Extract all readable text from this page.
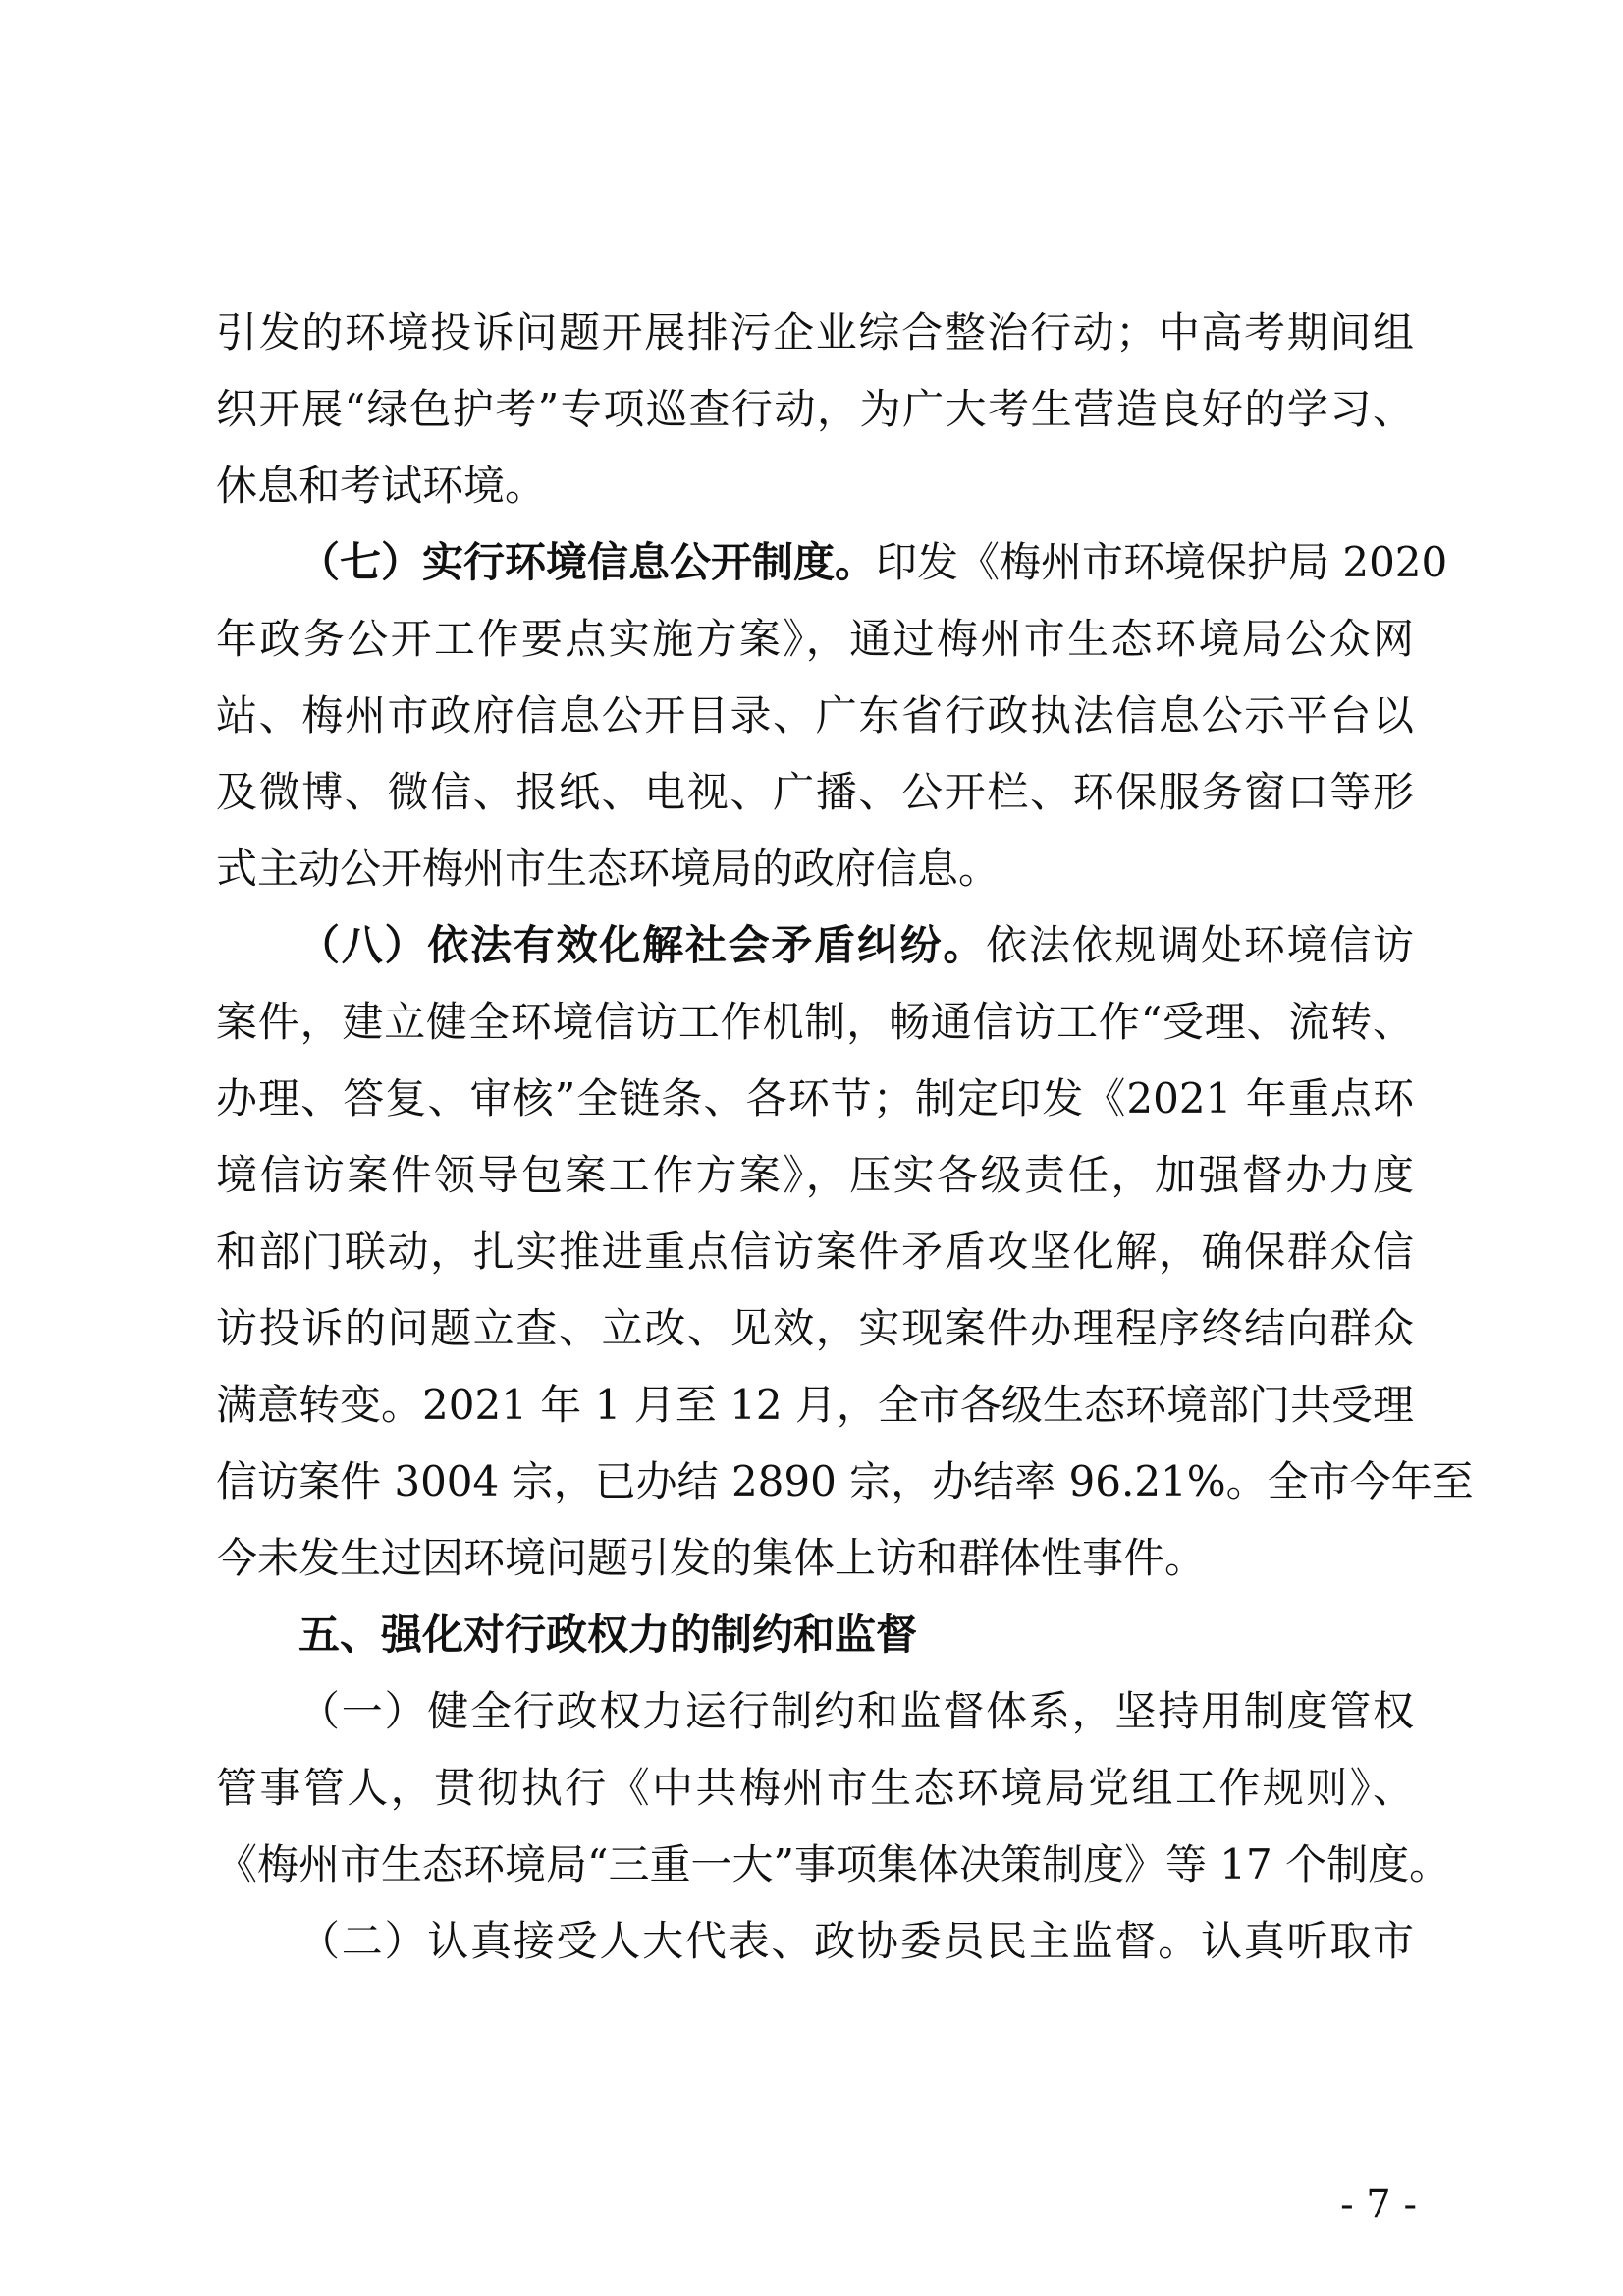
引发的环境投诉问题开展排污企业综合整治行动；中高考期间组
织开展“绿色护考”专项巡查行动，为广大考生营造良好的学习、
休息和考试环境。
（七）实行环境信息公开制度。印发《梅州市环境保护局 2020
年政务公开工作要点实施方案》，通过梅州市生态环境局公众网
站、梅州市政府信息公开目录、广东省行政执法信息公示平台以
及微博、微信、报纸、电视、广播、公开栏、环保服务窗口等形
式主动公开梅州市生态环境局的政府信息。
（八）依法有效化解社会矛盾纠纷。依法依规调处环境信访
案件，建立健全环境信访工作机制，畅通信访工作“受理、流转、
办理、答复、审核”全链条、各环节；制定印发《2021 年重点环
境信访案件领导包案工作方案》，压实各级责任，加强督办力度
和部门联动，扎实推进重点信访案件矛盾攻坚化解，确保群众信
访投诉的问题立查、立改、见效，实现案件办理程序终结向群众
满意转变。2021 年 1 月至 12 月，全市各级生态环境部门共受理
信访案件 3004 宗，已办结 2890 宗，办结率 96.21%。全市今年至
今未发生过因环境问题引发的集体上访和群体性事件。
五、强化对行政权力的制约和监督
（一）健全行政权力运行制约和监督体系，坚持用制度管权
管事管人，贯彻执行《中共梅州市生态环境局党组工作规则》、
《梅州市生态环境局“三重一大”事项集体决策制度》等 17 个制度。
（二）认真接受人大代表、政协委员民主监督。认真听取市
- 7 -
